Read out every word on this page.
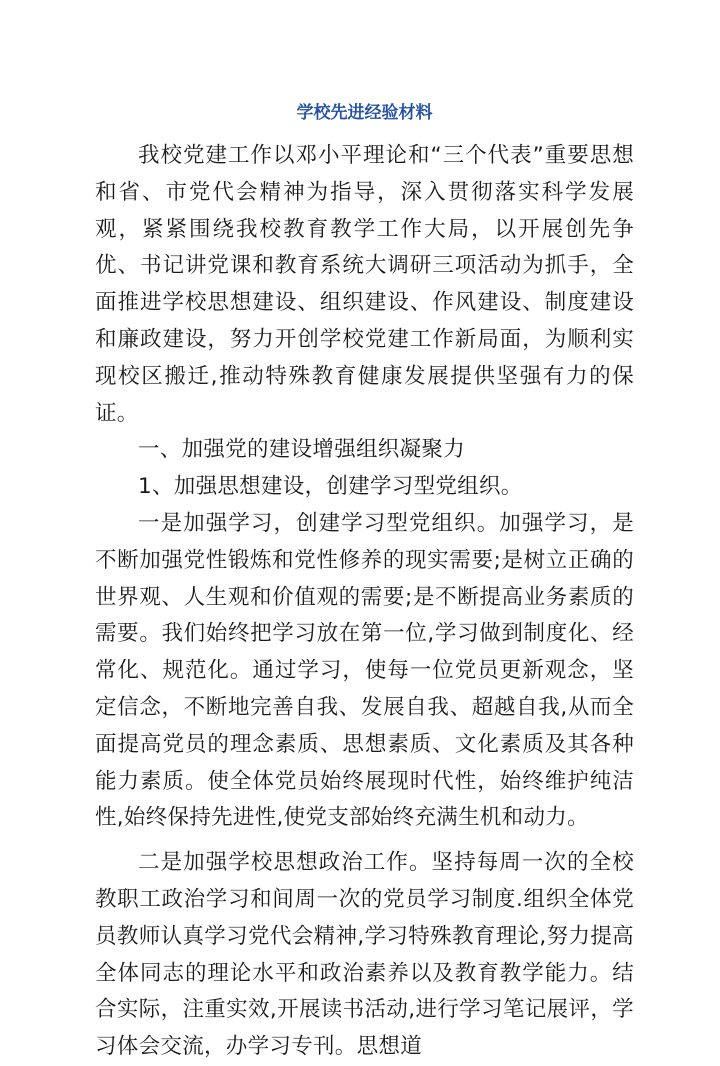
学校先进经验材料

我校党建工作以邓小平理论和“三个代表”重要思想和省、市党代会精神为指导，深入贯彻落实科学发展观，紧紧围绕我校教育教学工作大局，以开展创先争优、书记讲党课和教育系统大调研三项活动为抓手，全面推进学校思想建设、组织建设、作风建设、制度建设和廉政建设，努力开创学校党建工作新局面，为顺利实现校区搬迁,推动特殊教育健康发展提供坚强有力的保证。

一、加强党的建设增强组织凝聚力

1、加强思想建设，创建学习型党组织。

一是加强学习，创建学习型党组织。加强学习，是不断加强党性锻炼和党性修养的现实需要;是树立正确的世界观、人生观和价值观的需要;是不断提高业务素质的需要。我们始终把学习放在第一位,学习做到制度化、经常化、规范化。通过学习，使每一位党员更新观念，坚定信念，不断地完善自我、发展自我、超越自我,从而全面提高党员的理念素质、思想素质、文化素质及其各种能力素质。使全体党员始终展现时代性，始终维护纯洁性,始终保持先进性,使党支部始终充满生机和动力。

二是加强学校思想政治工作。坚持每周一次的全校教职工政治学习和间周一次的党员学习制度.组织全体党员教师认真学习党代会精神,学习特殊教育理论,努力提高全体同志的理论水平和政治素养以及教育教学能力。结合实际，注重实效,开展读书活动,进行学习笔记展评，学习体会交流，办学习专刊。思想道
